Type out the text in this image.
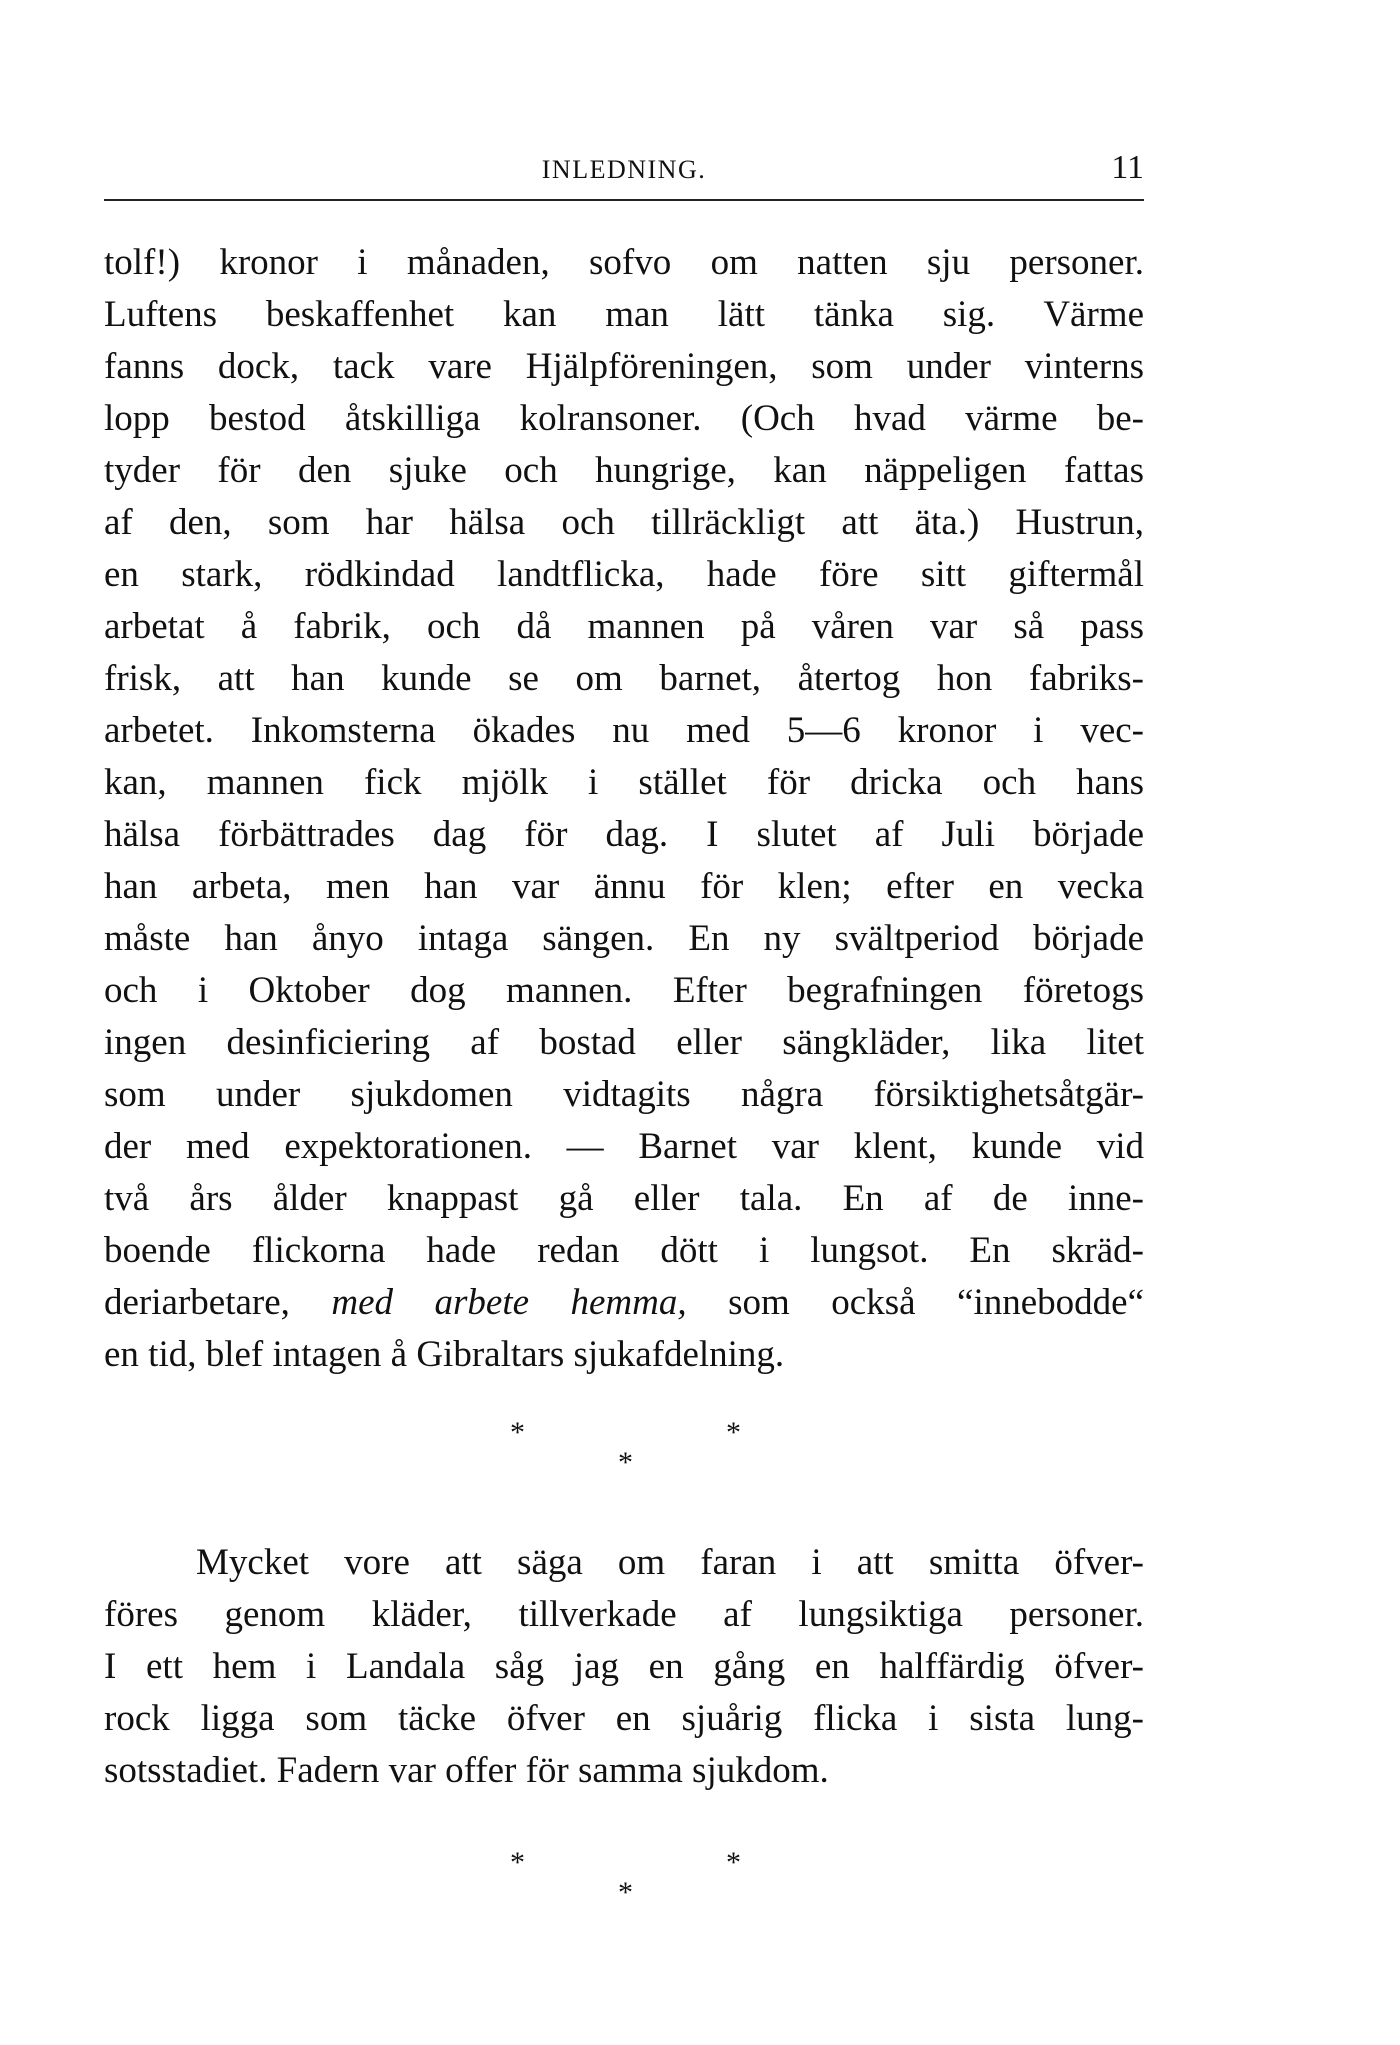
INLEDNING.	11
tolf!) kronor i månaden, sofvo om natten sju personer.
Luftens beskaffenhet kan man lätt tänka sig. Värme
fanns dock, tack vare Hjälpföreningen, som under vinterns
lopp bestod åtskilliga kolransoner. (Och hvad värme be-
tyder för den sjuke och hungrige, kan näppeligen fattas
af den, som har hälsa och tillräckligt att äta.) Hustrun,
en stark, rödkindad landtflicka, hade före sitt giftermål
arbetat å fabrik, och då mannen på våren var så pass
frisk, att han kunde se om barnet, återtog hon fabriks-
arbetet. Inkomsterna ökades nu med 5—6 kronor i vec-
kan, mannen fick mjölk i stället för dricka och hans
hälsa förbättrades dag för dag. I slutet af Juli började
han arbeta, men han var ännu för klen; efter en vecka
måste han ånyo intaga sängen. En ny svältperiod började
och i Oktober dog mannen. Efter begrafningen företogs
ingen desinficiering af bostad eller sängkläder, lika litet
som under sjukdomen vidtagits några försiktighetsåtgär-
der med expektorationen. — Barnet var klent, kunde vid
två års ålder knappast gå eller tala. En af de inne-
boende flickorna hade redan dött i lungsot. En skräd-
deriarbetare, med arbete hemma, som också “innebodde“
en tid, blef intagen å Gibraltars sjukafdelning.
*	*
*
Mycket vore att säga om faran i att smitta öfver-
föres genom kläder, tillverkade af lungsiktiga personer.
I ett hem i Landala såg jag en gång en halffärdig öfver-
rock ligga som täcke öfver en sjuårig flicka i sista lung-
sotsstadiet. Fadern var offer för samma sjukdom.
*	*
*
